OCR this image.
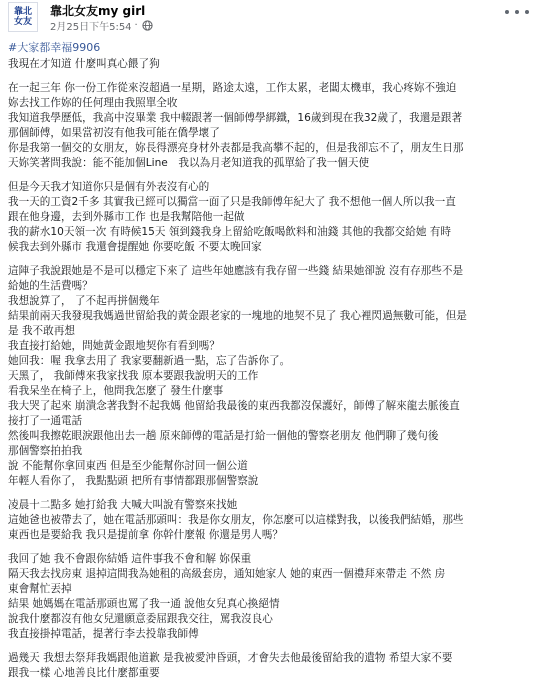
靠北
女友
靠北女友my girl
2月25日下午5:54 ·
#大家都幸福9906
我現在才知道 什麼叫真心餵了狗
在一起三年 你一份工作從來沒超過一星期，路途太遠，工作太累，老闆太機車，我心疼妳不強迫
妳去找工作妳的任何理由我照單全收
我知道我學歷低，我高中沒畢業 我中輟跟著一個師傅學綁鐵，16歲到現在我32歲了，我還是跟著
那個師傅，如果當初沒有他我可能在僑學壞了
你是我第一個交的女朋友，妳長得漂亮身材外表都是我高攀不起的，但是我卻忘不了，朋友生日那
天妳笑著問我說：能不能加個Line　我以為月老知道我的孤單給了我一個天使
但是今天我才知道你只是個有外表沒有心的
我一天的工資2千多 其實我已經可以獨當一面了只是我師傅年紀大了 我不想他一個人所以我一直
跟在他身邊，去到外縣市工作 也是我幫陪他一起做
我的薪水10天領一次 有時候15天 領到錢我身上留給吃飯喝飲料和油錢 其他的我都交給她 有時
候我去到外縣市 我還會提醒她 你要吃飯 不要太晚回家
這陣子我說跟她是不是可以穩定下來了 這些年她應該有我存留一些錢 結果她卻說 沒有存那些不是
給她的生活費嗎？
我想說算了， 了不起再拼個幾年
結果前兩天我發現我媽過世留給我的黃金跟老家的一塊地的地契不見了 我心裡閃過無數可能，但是
是 我不敢再想
我直接打給她，問她黃金跟地契你有看到嗎？
她回我：喔 我拿去用了 我家要翻新過一點，忘了告訴你了。
天黑了， 我師傅來我家找我 原本要跟我說明天的工作
看我呆坐在椅子上，他問我怎麼了 發生什麼事
我大哭了起來 崩潰念著我對不起我媽 他留給我最後的東西我都沒保護好，師傅了解來龍去脈後直
接打了一通電話
然後叫我擦乾眼淚跟他出去一趟 原來師傅的電話是打給一個他的警察老朋友 他們聊了幾句後
那個警察拍拍我
說 不能幫你拿回東西 但是至少能幫你討回一個公道
年輕人看你了， 我點點頭 把所有事情都跟那個警察說
凌晨十二點多 她打給我 大喊大叫說有警察來找她
這她爸也被帶去了，她在電話那頭叫：我是你女朋友，你怎麼可以這樣對我，以後我們結婚，那些
東西也是要給我 我只是提前拿 你幹什麼報 你還是男人嗎？
我回了她 我不會跟你結婚 這件事我不會和解 妳保重
隔天我去找房東 退掉這間我為她租的高級套房，通知她家人 她的東西一個禮拜來帶走 不然 房
東會幫忙丟掉
結果 她媽媽在電話那頭也罵了我一通 說他女兒真心換絕情
說我什麼都沒有他女兒還願意委屈跟我交往，罵我沒良心
我直接掛掉電話，提著行李去投靠我師傅
過幾天 我想去祭拜我媽跟他道歉 是我被愛沖昏頭，才會失去他最後留給我的遺物 希望大家不要
跟我一樣 心地善良比什麼都重要
